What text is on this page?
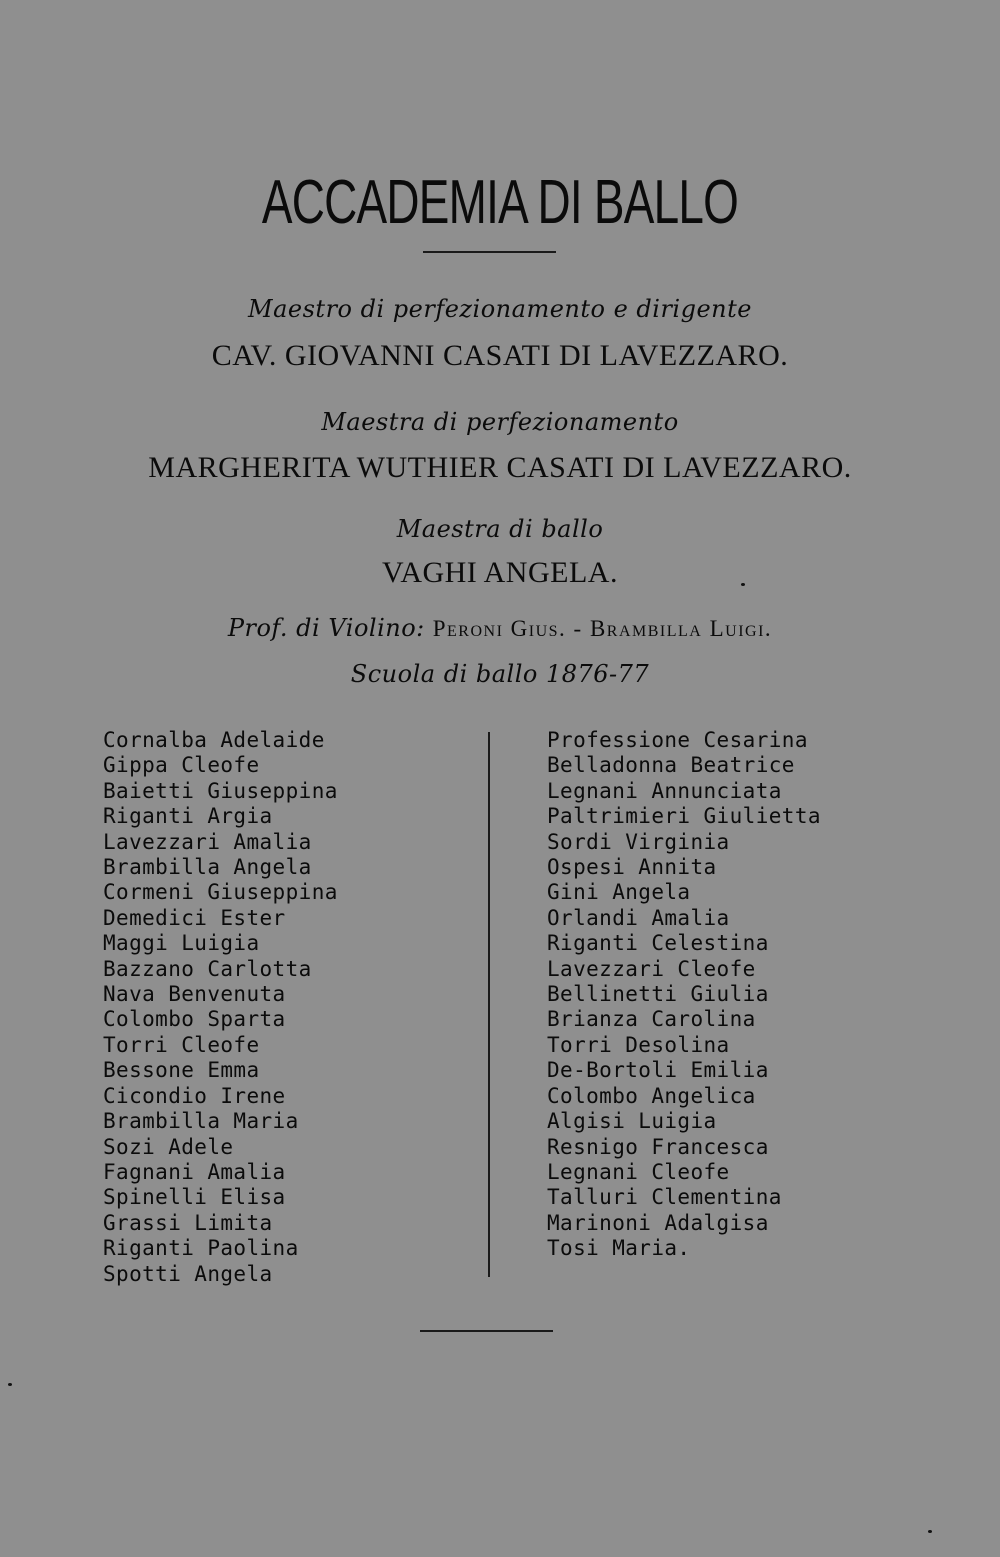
ACCADEMIA DI BALLO
Maestro di perfezionamento e dirigente
CAV. GIOVANNI CASATI DI LAVEZZARO.
Maestra di perfezionamento
MARGHERITA WUTHIER CASATI DI LAVEZZARO.
Maestra di ballo
VAGHI ANGELA.
Prof. di Violino: Peroni Gius. - Brambilla Luigi.
Scuola di ballo 1876-77
Cornalba Adelaide
Gippa Cleofe
Baietti Giuseppina
Riganti Argia
Lavezzari Amalia
Brambilla Angela
Cormeni Giuseppina
Demedici Ester
Maggi Luigia
Bazzano Carlotta
Nava Benvenuta
Colombo Sparta
Torri Cleofe
Bessone Emma
Cicondio Irene
Brambilla Maria
Sozi Adele
Fagnani Amalia
Spinelli Elisa
Grassi Limita
Riganti Paolina
Spotti Angela
Professione Cesarina
Belladonna Beatrice
Legnani Annunciata
Paltrimieri Giulietta
Sordi Virginia
Ospesi Annita
Gini Angela
Orlandi Amalia
Riganti Celestina
Lavezzari Cleofe
Bellinetti Giulia
Brianza Carolina
Torri Desolina
De-Bortoli Emilia
Colombo Angelica
Algisi Luigia
Resnigo Francesca
Legnani Cleofe
Talluri Clementina
Marinoni Adalgisa
Tosi Maria.
